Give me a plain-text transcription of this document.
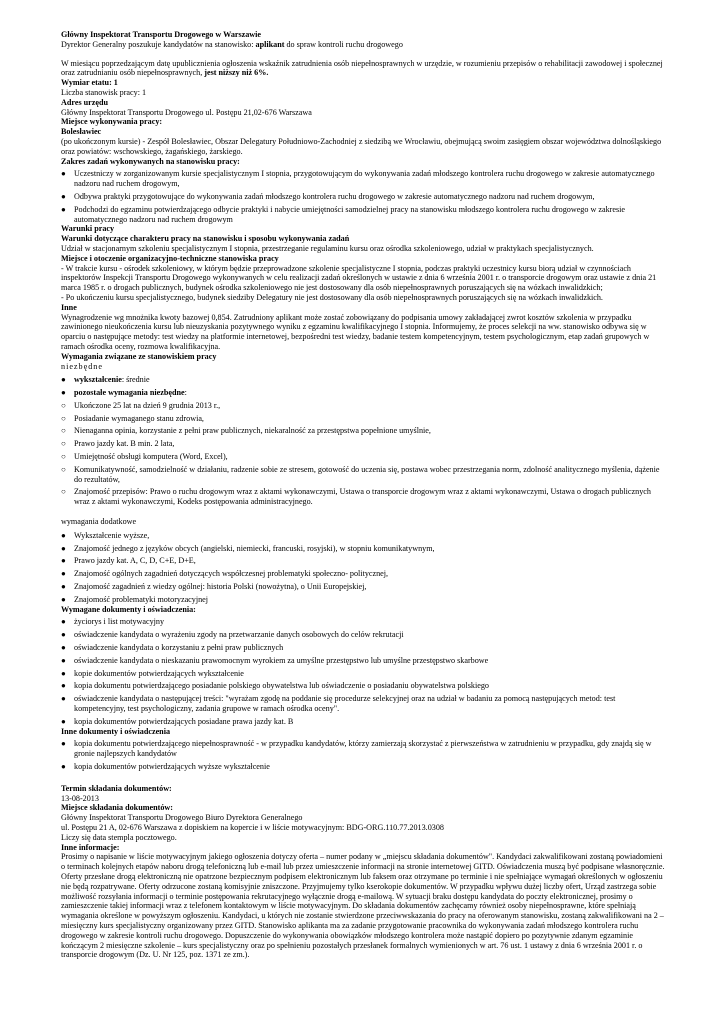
Główny Inspektorat Transportu Drogowego w Warszawie
Dyrektor Generalny poszukuje kandydatów na stanowisko: aplikant do spraw kontroli ruchu drogowego
W miesiącu poprzedzającym datę upublicznienia ogłoszenia wskaźnik zatrudnienia osób niepełnosprawnych w urzędzie, w rozumieniu przepisów o rehabilitacji zawodowej i społecznej oraz zatrudnianiu osób niepełnosprawnych, jest niższy niż 6%.
Wymiar etatu: 1
Liczba stanowisk pracy: 1
Adres urzędu
Główny Inspektorat Transportu Drogowego ul. Postępu 21,02-676 Warszawa
Miejsce wykonywania pracy:
Bolesławiec
(po ukończonym kursie) - Zespół Bolesławiec, Obszar Delegatury Południowo-Zachodniej z siedzibą we Wrocławiu, obejmującą swoim zasięgiem obszar województwa dolnośląskiego oraz powiatów: wschowskiego, żagańskiego, żarskiego.
Zakres zadań wykonywanych na stanowisku pracy:
●	Uczestniczy w zorganizowanym kursie specjalistycznym I stopnia, przygotowującym do wykonywania zadań młodszego kontrolera ruchu drogowego w zakresie automatycznego nadzoru nad ruchem drogowym,
●	Odbywa praktyki przygotowujące do wykonywania zadań młodszego kontrolera ruchu drogowego w zakresie automatycznego nadzoru nad ruchem drogowym,
●	Podchodzi do egzaminu potwierdzającego odbycie praktyki i nabycie umiejętności samodzielnej pracy na stanowisku młodszego kontrolera ruchu drogowego w zakresie automatycznego nadzoru nad ruchem drogowym
Warunki pracy
Warunki dotyczące charakteru pracy na stanowisku i sposobu wykonywania zadań
Udział w stacjonarnym szkoleniu specjalistycznym I stopnia, przestrzeganie regulaminu kursu oraz ośrodka szkoleniowego, udział w praktykach specjalistycznych.
Miejsce i otoczenie organizacyjno-techniczne stanowiska pracy
- W trakcie kursu - ośrodek szkoleniowy, w którym będzie przeprowadzone szkolenie specjalistyczne I stopnia, podczas praktyki uczestnicy kursu biorą udział w czynnościach inspektorów Inspekcji Transportu Drogowego wykonywanych w celu realizacji zadań określonych w ustawie z dnia 6 września 2001 r. o transporcie drogowym oraz ustawie z dnia 21 marca 1985 r. o drogach publicznych, budynek ośrodka szkoleniowego nie jest dostosowany dla osób niepełnosprawnych poruszających się na wózkach inwalidzkich;
- Po ukończeniu kursu specjalistycznego, budynek siedziby Delegatury nie jest dostosowany dla osób niepełnosprawnych poruszających się na wózkach inwalidzkich.
Inne
Wynagrodzenie wg mnożnika kwoty bazowej 0,854. Zatrudniony aplikant może zostać zobowiązany do podpisania umowy zakładającej zwrot kosztów szkolenia w przypadku zawinionego nieukończenia kursu lub nieuzyskania pozytywnego wyniku z egzaminu kwalifikacyjnego I stopnia. Informujemy, że proces selekcji na ww. stanowisko odbywa się w oparciu o następujące metody: test wiedzy na platformie internetowej, bezpośredni test wiedzy, badanie testem kompetencyjnym, testem psychologicznym, etap zadań grupowych w ramach ośrodka oceny, rozmowa kwalifikacyjna.
Wymagania związane ze stanowiskiem pracy
niezbędne
●	wykształcenie: średnie
●	pozostałe wymagania niezbędne:
○	Ukończone 25 lat na dzień 9 grudnia 2013 r.,
○	Posiadanie wymaganego stanu zdrowia,
○	Nienaganna opinia, korzystanie z pełni praw publicznych, niekaralność za przestępstwa popełnione umyślnie,
○	Prawo jazdy kat. B min. 2 lata,
○	Umiejętność obsługi komputera (Word, Excel),
○	Komunikatywność, samodzielność w działaniu, radzenie sobie ze stresem, gotowość do uczenia się, postawa wobec przestrzegania norm, zdolność analitycznego myślenia, dążenie do rezultatów,
○	Znajomość przepisów: Prawo o ruchu drogowym wraz z aktami wykonawczymi, Ustawa o transporcie drogowym wraz z aktami wykonawczymi, Ustawa o drogach publicznych wraz z aktami wykonawczymi, Kodeks postępowania administracyjnego.
wymagania dodatkowe
●	Wykształcenie wyższe,
●	Znajomość jednego z języków obcych (angielski, niemiecki, francuski, rosyjski), w stopniu komunikatywnym,
●	Prawo jazdy kat. A, C, D, C+E, D+E,
●	Znajomość ogólnych zagadnień dotyczących współczesnej problematyki społeczno- politycznej,
●	Znajomość zagadnień z wiedzy ogólnej: historia Polski (nowożytna), o Unii Europejskiej,
●	Znajomość problematyki motoryzacyjnej
Wymagane dokumenty i oświadczenia:
●	życiorys i list motywacyjny
●	oświadczenie kandydata o wyrażeniu zgody na przetwarzanie danych osobowych do celów rekrutacji
●	oświadczenie kandydata o korzystaniu z pełni praw publicznych
●	oświadczenie kandydata o nieskazaniu prawomocnym wyrokiem za umyślne przestępstwo lub umyślne przestępstwo skarbowe
●	kopie dokumentów potwierdzających wykształcenie
●	kopia dokumentu potwierdzającego posiadanie polskiego obywatelstwa lub oświadczenie o posiadaniu obywatelstwa polskiego
●	oświadczenie kandydata o następującej treści: "wyrażam zgodę na poddanie się procedurze selekcyjnej oraz na udział w badaniu za pomocą następujących metod: test kompetencyjny, test psychologiczny, zadania grupowe w ramach ośrodka oceny".
●	kopia dokumentów potwierdzających posiadane prawa jazdy kat. B
Inne dokumenty i oświadczenia
●	kopia dokumentu potwierdzającego niepełnosprawność - w przypadku kandydatów, którzy zamierzają skorzystać z pierwszeństwa w zatrudnieniu w przypadku, gdy znajdą się w gronie najlepszych kandydatów
●	kopia dokumentów potwierdzających wyższe wykształcenie
Termin składania dokumentów:
13-08-2013
Miejsce składania dokumentów:
Główny Inspektorat Transportu Drogowego Biuro Dyrektora Generalnego
ul. Postępu 21 A, 02-676 Warszawa z dopiskiem na kopercie i w liście motywacyjnym: BDG-ORG.110.77.2013.0308
Liczy się data stempla pocztowego.
Inne informacje:
Prosimy o napisanie w liście motywacyjnym jakiego ogłoszenia dotyczy oferta – numer podany w „miejscu składania dokumentów". Kandydaci zakwalifikowani zostaną powiadomieni o terminach kolejnych etapów naboru drogą telefoniczną lub e-mail lub przez umieszczenie informacji na stronie internetowej GITD. Oświadczenia muszą być podpisane własnoręcznie. Oferty przesłane drogą elektroniczną nie opatrzone bezpiecznym podpisem elektronicznym lub faksem oraz otrzymane po terminie i nie spełniające wymagań określonych w ogłoszeniu nie będą rozpatrywane. Oferty odrzucone zostaną komisyjnie zniszczone. Przyjmujemy tylko kserokopie dokumentów. W przypadku wpływu dużej liczby ofert, Urząd zastrzega sobie możliwość rozsyłania informacji o terminie postępowania rekrutacyjnego wyłącznie drogą e-mailową. W sytuacji braku dostępu kandydata do poczty elektronicznej, prosimy o zamieszczenie takiej informacji wraz z telefonem kontaktowym w liście motywacyjnym. Do składania dokumentów zachęcamy również osoby niepełnosprawne, które spełniają wymagania określone w powyższym ogłoszeniu. Kandydaci, u których nie zostanie stwierdzone przeciwwskazania do pracy na oferowanym stanowisku, zostaną zakwalifikowani na 2 – miesięczny kurs specjalistyczny organizowany przez GITD. Stanowisko aplikanta ma za zadanie przygotowanie pracownika do wykonywania zadań młodszego kontrolera ruchu drogowego w zakresie kontroli ruchu drogowego. Dopuszczenie do wykonywania obowiązków młodszego kontrolera może nastąpić dopiero po pozytywnie zdanym egzaminie kończącym 2 miesięczne szkolenie – kurs specjalistyczny oraz po spełnieniu pozostałych przesłanek formalnych wymienionych w art. 76 ust. 1 ustawy z dnia 6 września 2001 r. o transporcie drogowym (Dz. U. Nr 125, poz. 1371 ze zm.).
